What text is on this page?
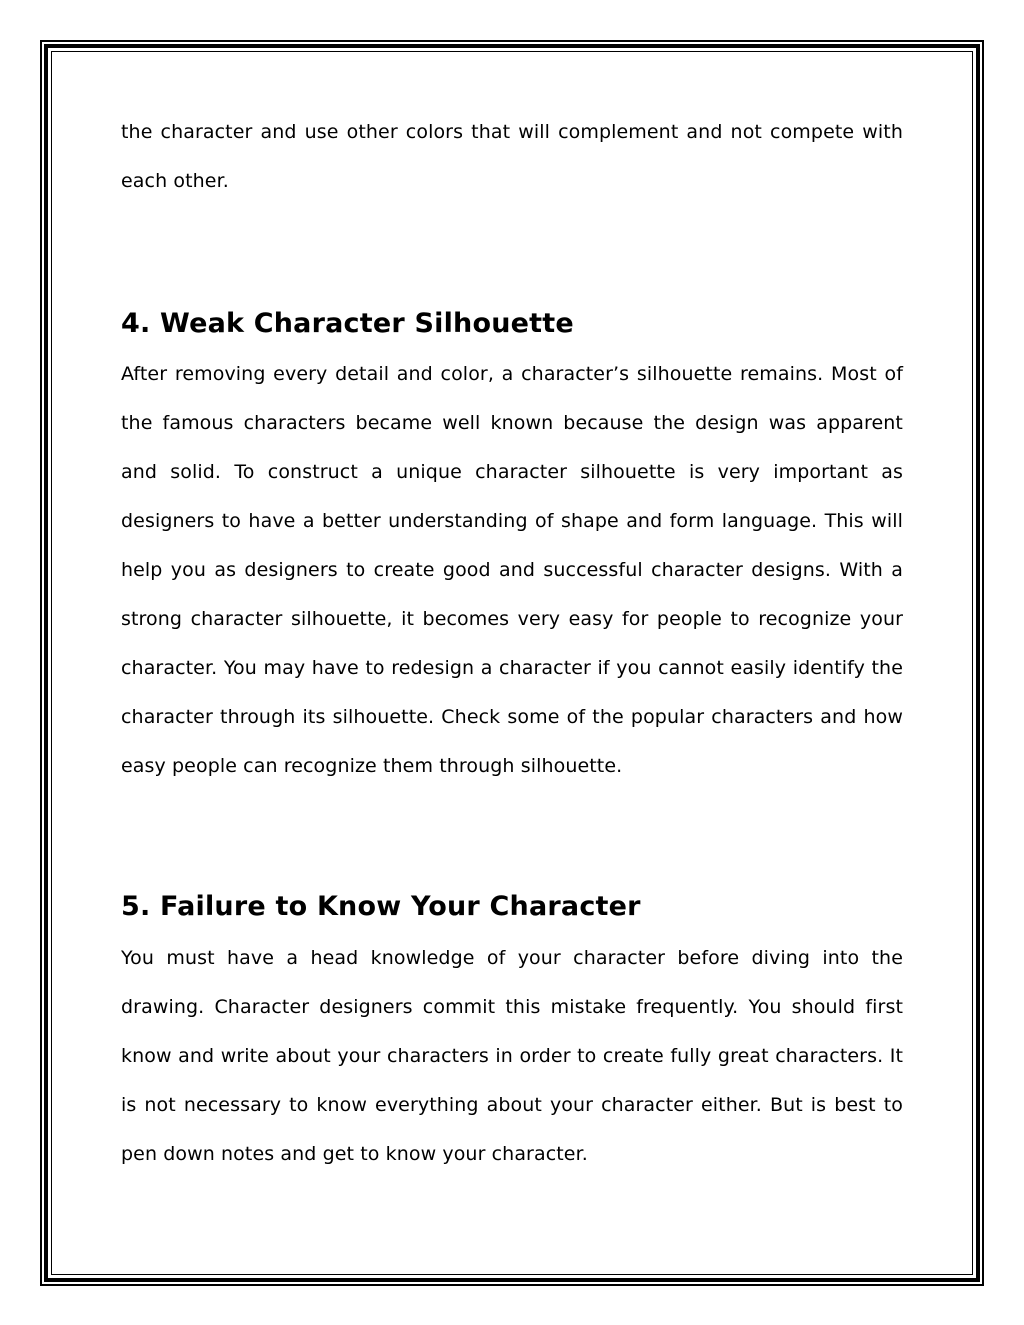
the character and use other colors that will complement and not compete with each other.

4. Weak Character Silhouette

After removing every detail and color, a character’s silhouette remains. Most of the famous characters became well known because the design was apparent and solid. To construct a unique character silhouette is very important as designers to have a better understanding of shape and form language. This will help you as designers to create good and successful character designs. With a strong character silhouette, it becomes very easy for people to recognize your character. You may have to redesign a character if you cannot easily identify the character through its silhouette. Check some of the popular characters and how easy people can recognize them through silhouette.

5. Failure to Know Your Character

You must have a head knowledge of your character before diving into the drawing. Character designers commit this mistake frequently. You should first know and write about your characters in order to create fully great characters. It is not necessary to know everything about your character either. But is best to pen down notes and get to know your character.
